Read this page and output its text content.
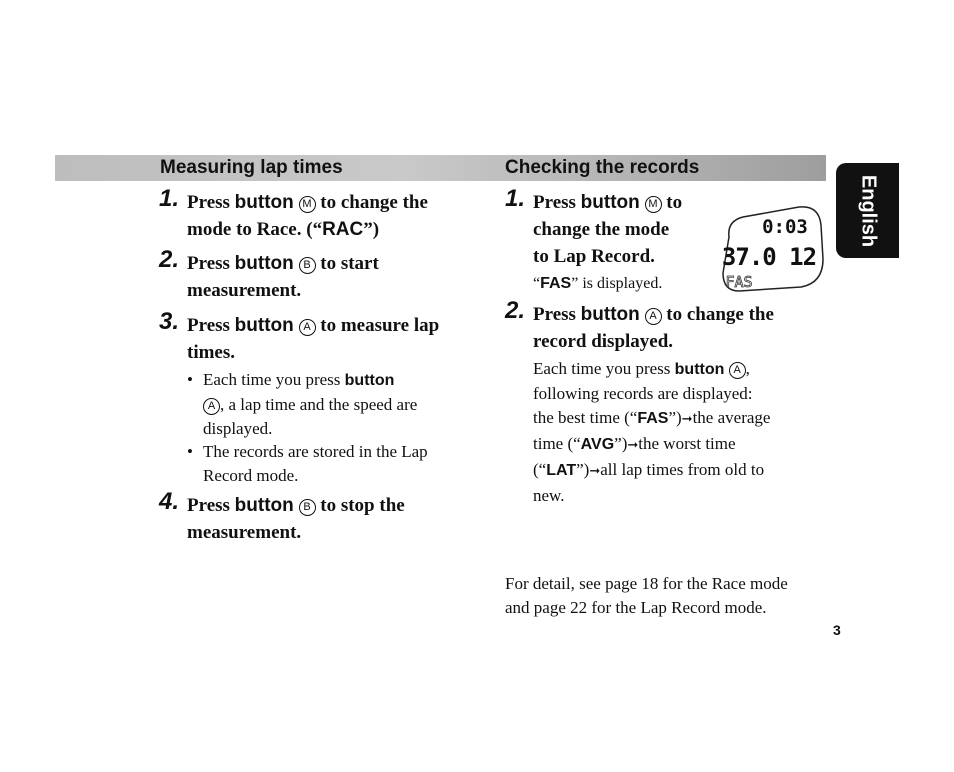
Measuring lap times	Checking the records
English
1. Press button M to change the
mode to Race. (“RAC”)
2. Press button B to start
measurement.
3. Press button A to measure lap
times.
• Each time you press button
A , a lap time and the speed are
displayed.
• The records are stored in the Lap
Record mode.
4. Press button B to stop the
measurement.
1. Press button M to
change the mode
to Lap Record.
“FAS” is displayed.
0:03
37.0 12
FAS
2. Press button A to change the
record displayed.
Each time you press button A ,
following records are displayed:
the best time (“FAS”)➞the average
time (“AVG”)➞the worst time
(“LAT”)➞all lap times from old to
new.
For detail, see page 18 for the Race mode
and page 22 for the Lap Record mode.
3
